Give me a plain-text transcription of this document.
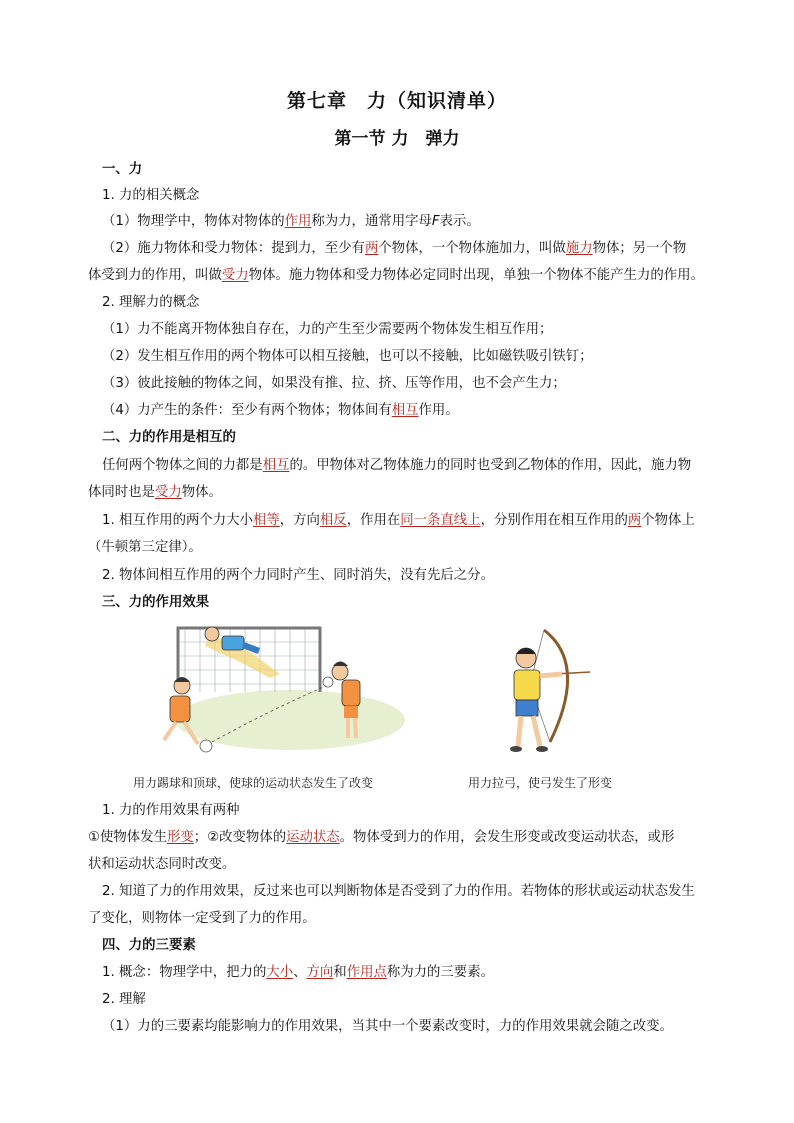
第七章　力（知识清单）
第一节 力　弹力
一、力
1. 力的相关概念
（1）物理学中，物体对物体的作用称为力，通常用字母F表示。
（2）施力物体和受力物体：提到力，至少有两个物体，一个物体施加力，叫做施力物体；另一个物
体受到力的作用，叫做受力物体。施力物体和受力物体必定同时出现，单独一个物体不能产生力的作用。
2. 理解力的概念
（1）力不能离开物体独自存在，力的产生至少需要两个物体发生相互作用；
（2）发生相互作用的两个物体可以相互接触，也可以不接触，比如磁铁吸引铁钉；
（3）彼此接触的物体之间，如果没有推、拉、挤、压等作用，也不会产生力；
（4）力产生的条件：至少有两个物体；物体间有相互作用。
二、力的作用是相互的
任何两个物体之间的力都是相互的。甲物体对乙物体施力的同时也受到乙物体的作用，因此，施力物
体同时也是受力物体。
1. 相互作用的两个力大小相等，方向相反，作用在同一条直线上，分别作用在相互作用的两个物体上
（牛顿第三定律）。
2. 物体间相互作用的两个力同时产生、同时消失，没有先后之分。
三、力的作用效果
用力踢球和顶球，使球的运动状态发生了改变	用力拉弓，使弓发生了形变
1. 力的作用效果有两种
①使物体发生形变；②改变物体的运动状态。物体受到力的作用，会发生形变或改变运动状态，或形
状和运动状态同时改变。
2. 知道了力的作用效果，反过来也可以判断物体是否受到了力的作用。若物体的形状或运动状态发生
了变化，则物体一定受到了力的作用。
四、力的三要素
1. 概念：物理学中，把力的大小、方向和作用点称为力的三要素。
2. 理解
（1）力的三要素均能影响力的作用效果，当其中一个要素改变时，力的作用效果就会随之改变。
